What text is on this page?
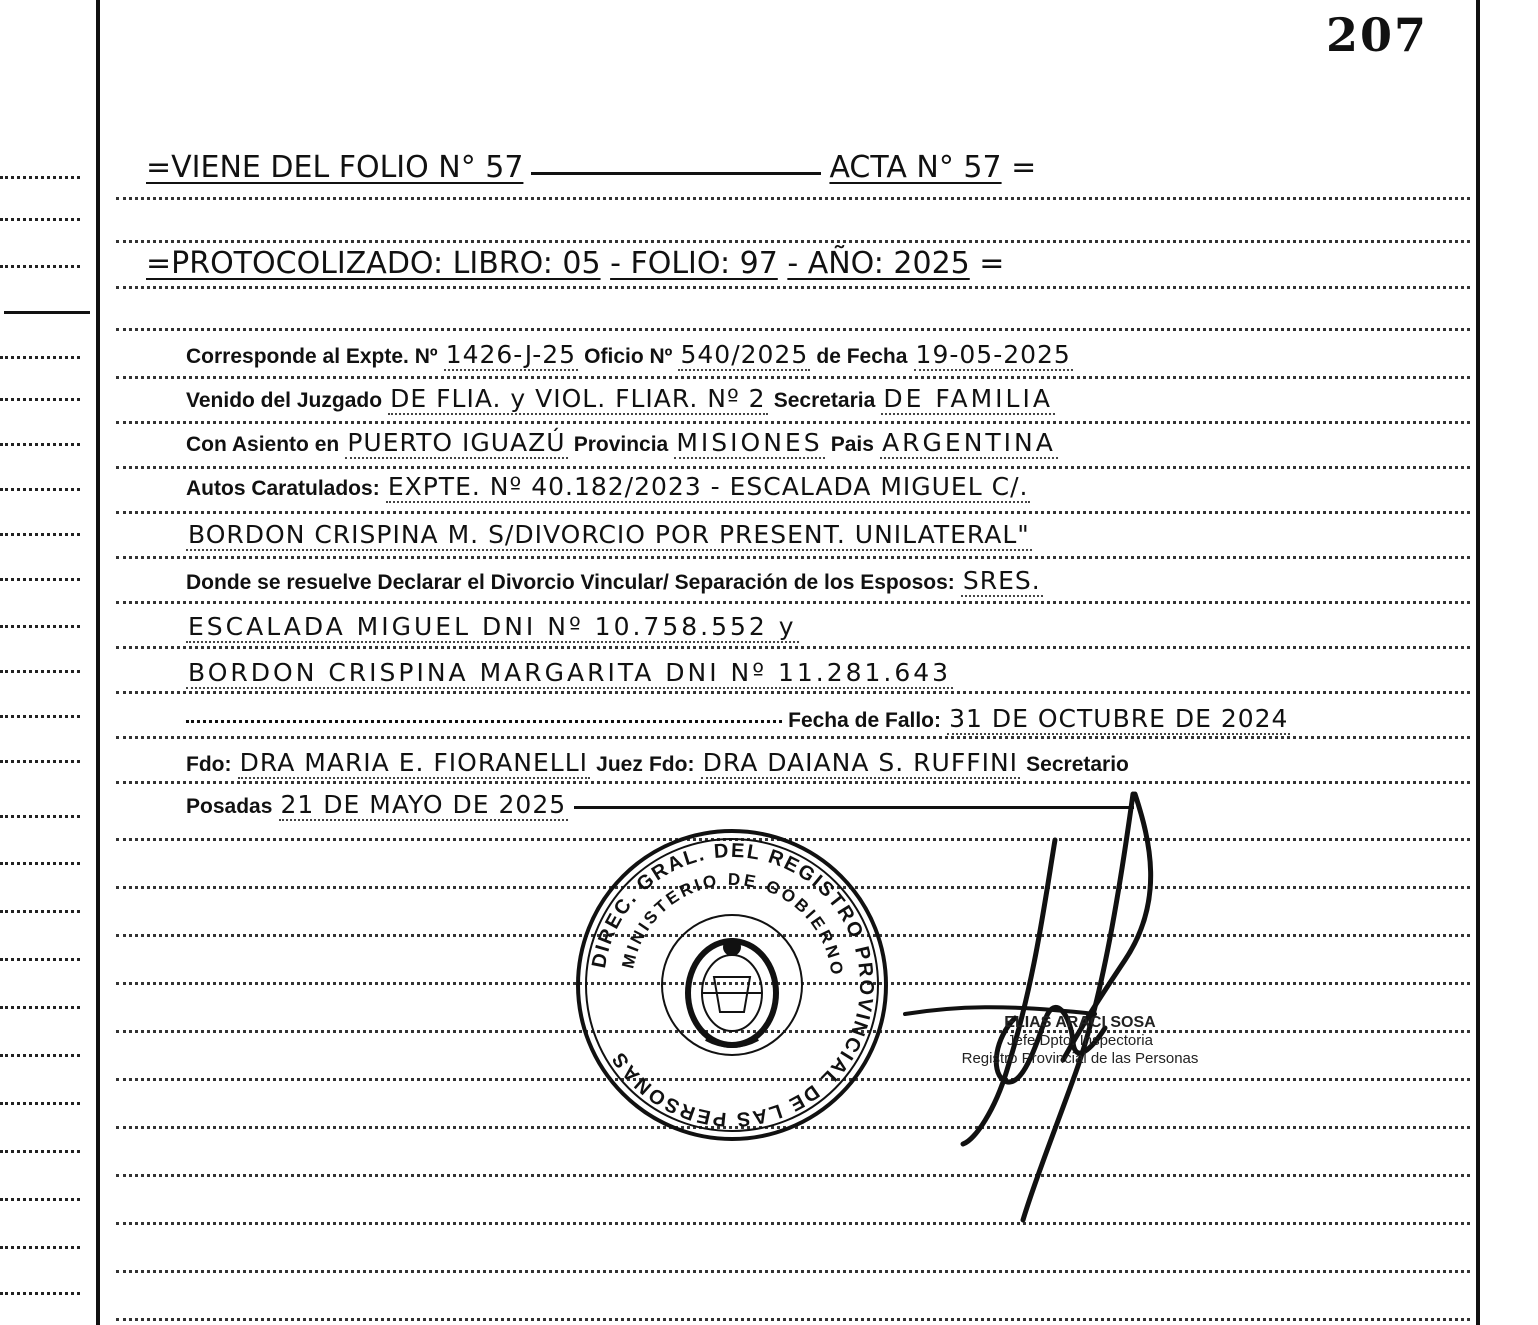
207
=VIENE DEL FOLIO N° 57	ACTA N° 57 =
=PROTOCOLIZADO: LIBRO: 05 - FOLIO: 97 - AÑO: 2025 =
Corresponde al Expte. Nº 1426-J-25 Oficio Nº 540/2025 de Fecha 19-05-2025
Venido del Juzgado DE FLIA. y VIOL. FLIAR. Nº 2 Secretaria DE FAMILIA
Con Asiento en PUERTO IGUAZÚ Provincia MISIONES Pais ARGENTINA
Autos Caratulados: EXPTE. Nº 40.182/2023 - ESCALADA MIGUEL C/.
BORDON CRISPINA M. S/DIVORCIO POR PRESENT. UNILATERAL"
Donde se resuelve Declarar el Divorcio Vincular/ Separación de los Esposos: SRES.
ESCALADA MIGUEL DNI Nº 10.758.552 y
BORDON CRISPINA MARGARITA DNI Nº 11.281.643
Fecha de Fallo: 31 DE OCTUBRE DE 2024
Fdo: DRA MARIA E. FIORANELLI Juez Fdo: DRA DAIANA S. RUFFINI Secretario
Posadas 21 DE MAYO DE 2025
DIREC. GRAL. DEL REGISTRO PROVINCIAL DE LAS PERSONAS
MINISTERIO DE GOBIERNO
ELIAS ARACI SOSA
Jefe Dpto. Inspectoria
Registro Provincial de las Personas
